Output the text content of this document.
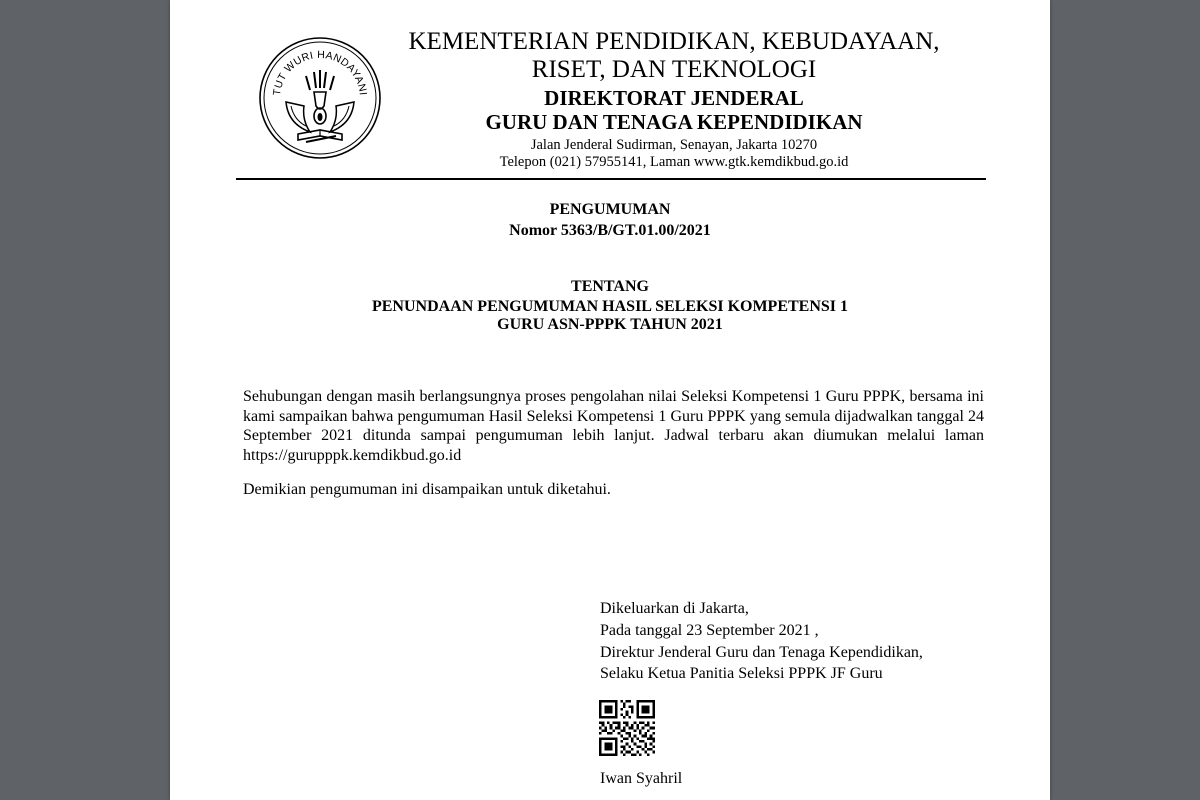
TUT WURI HANDAYANI
KEMENTERIAN PENDIDIKAN, KEBUDAYAAN,
RISET, DAN TEKNOLOGI
DIREKTORAT JENDERAL
GURU DAN TENAGA KEPENDIDIKAN
Jalan Jenderal Sudirman, Senayan, Jakarta 10270
Telepon (021) 57955141, Laman www.gtk.kemdikbud.go.id
PENGUMUMAN
Nomor 5363/B/GT.01.00/2021
TENTANG
PENUNDAAN PENGUMUMAN HASIL SELEKSI KOMPETENSI 1
GURU ASN-PPPK TAHUN 2021
Sehubungan dengan masih berlangsungnya proses pengolahan nilai Seleksi Kompetensi 1 Guru PPPK, bersama ini kami sampaikan bahwa pengumuman Hasil Seleksi Kompetensi 1 Guru PPPK yang semula dijadwalkan tanggal 24 September 2021 ditunda sampai pengumuman lebih lanjut. Jadwal terbaru akan diumukan melalui laman https://gurupppk.kemdikbud.go.id
Demikian pengumuman ini disampaikan untuk diketahui.
Dikeluarkan di Jakarta,
Pada tanggal 23 September 2021 ,
Direktur Jenderal Guru dan Tenaga Kependidikan,
Selaku Ketua Panitia Seleksi PPPK JF Guru
Iwan Syahril
